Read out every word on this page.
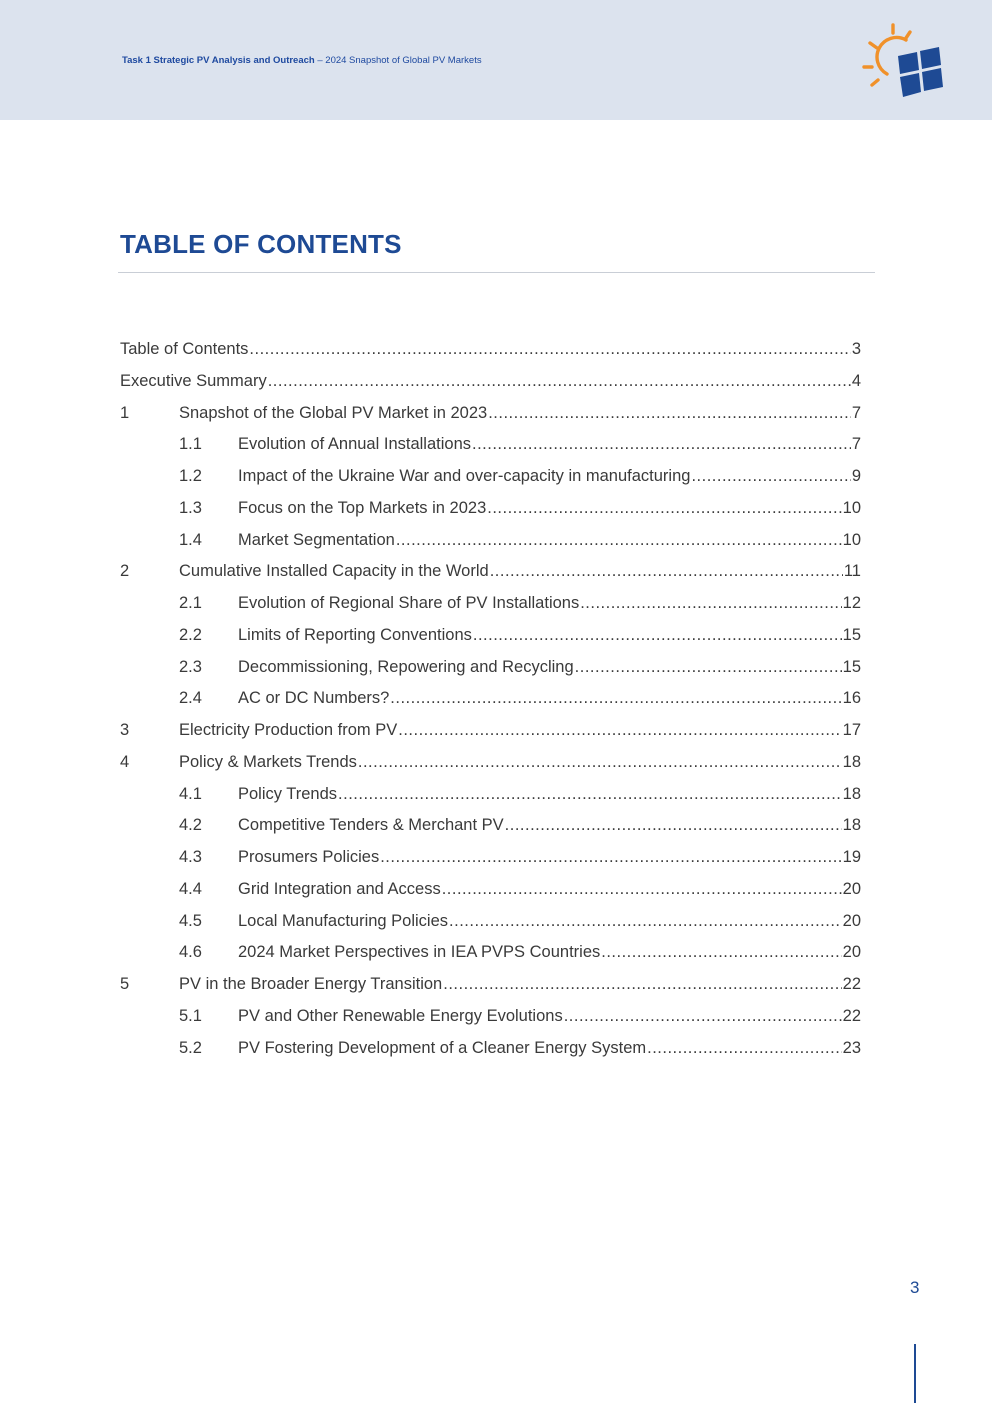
Task 1 Strategic PV Analysis and Outreach – 2024 Snapshot of Global PV Markets
TABLE OF CONTENTS
Table of Contents .....	3
Executive Summary .....	4
1	Snapshot of the Global PV Market in 2023 .....	7
1.1	Evolution of Annual Installations .....	7
1.2	Impact of the Ukraine War and over-capacity in manufacturing .....	9
1.3	Focus on the Top Markets in 2023 .....	10
1.4	Market Segmentation .....	10
2	Cumulative Installed Capacity in the World .....	11
2.1	Evolution of Regional Share of PV Installations .....	12
2.2	Limits of Reporting Conventions .....	15
2.3	Decommissioning, Repowering and Recycling .....	15
2.4	AC or DC Numbers? .....	16
3	Electricity Production from PV .....	17
4	Policy & Markets Trends .....	18
4.1	Policy Trends .....	18
4.2	Competitive Tenders & Merchant PV .....	18
4.3	Prosumers Policies .....	19
4.4	Grid Integration and Access .....	20
4.5	Local Manufacturing Policies .....	20
4.6	2024 Market Perspectives in IEA PVPS Countries .....	20
5	PV in the Broader Energy Transition .....	22
5.1	PV and Other Renewable Energy Evolutions .....	22
5.2	PV Fostering Development of a Cleaner Energy System .....	23
3
